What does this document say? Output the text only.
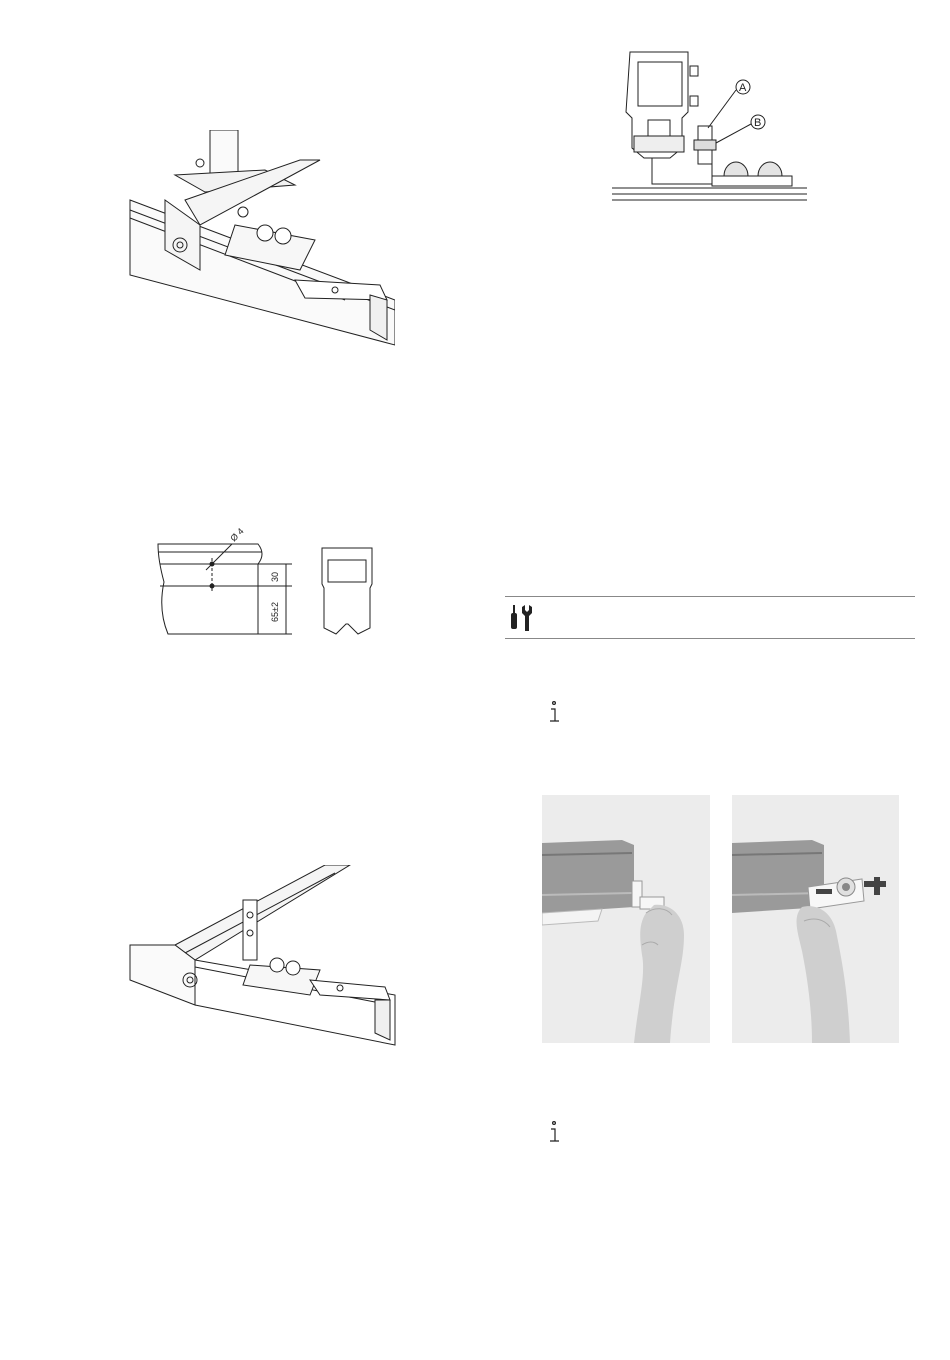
A
B
Ø 4
30
65±2
